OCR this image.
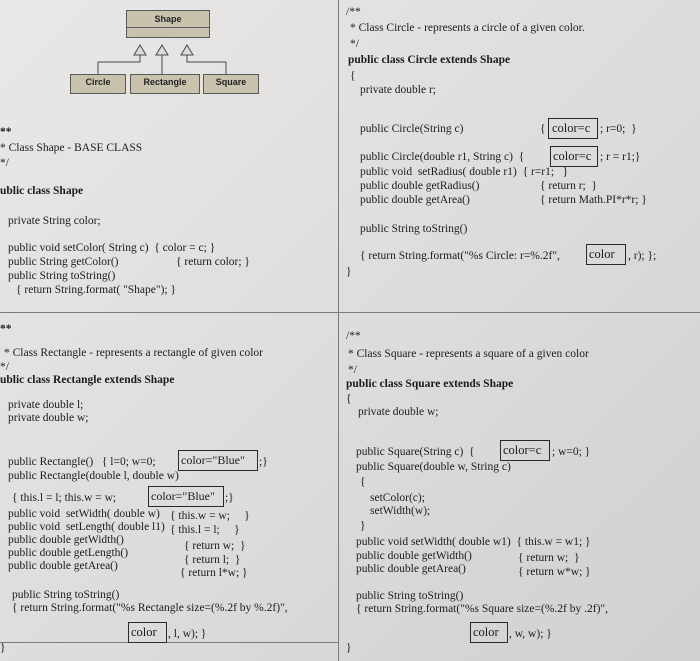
Shape
Circle	Rectangle	Square
**
* Class Shape - BASE CLASS
*/
ublic class Shape
private String color;
public void setColor( String c)  { color = c; }
public String getColor()	{ return color; }
public String toString()
{ return String.format( "Shape"); }
/**
* Class Circle - represents a circle of a given color.
*/
public class Circle extends Shape
{
private double r;
public Circle(String c)	{ color=c ; r=0;  }
public Circle(double r1, String c)  { color=c ; r = r1;}
public void  setRadius( double r1)  { r=r1;   }
public double getRadius()	{ return r;  }
public double getArea()	{ return Math.PI*r*r; }
public String toString()
{ return String.format("%s Circle: r=%.2f", color , r); };
}
**
* Class Rectangle - represents a rectangle of given color
*/
ublic class Rectangle extends Shape
private double l;
private double w;
public Rectangle()   { l=0; w=0; color="Blue" ;}
public Rectangle(double l, double w)
{ this.l = l; this.w = w;	color="Blue" ;}
public void  setWidth( double w) { this.w = w;     }
public void  setLength( double l1) { this.l = l;     }
public double getWidth()	{ return w;  }
public double getLength()
{ return l;  }
public double getArea()
{ return l*w; }
public String toString()
{ return String.format("%s Rectangle size=(%.2f by %.2f)",
color , l, w); }
}
/**
* Class Square - represents a square of a given color
*/
public class Square extends Shape
{
private double w;
public Square(String c)  { color=c ; w=0; }
public Square(double w, String c)
{
setColor(c);
setWidth(w);
}
public void setWidth( double w1)  { this.w = w1; }
public double getWidth()	{ return w;  }
public double getArea()	{ return w*w; }
public String toString()
{ return String.format("%s Square size=(%.2f by .2f)",
color , w, w); }
}
